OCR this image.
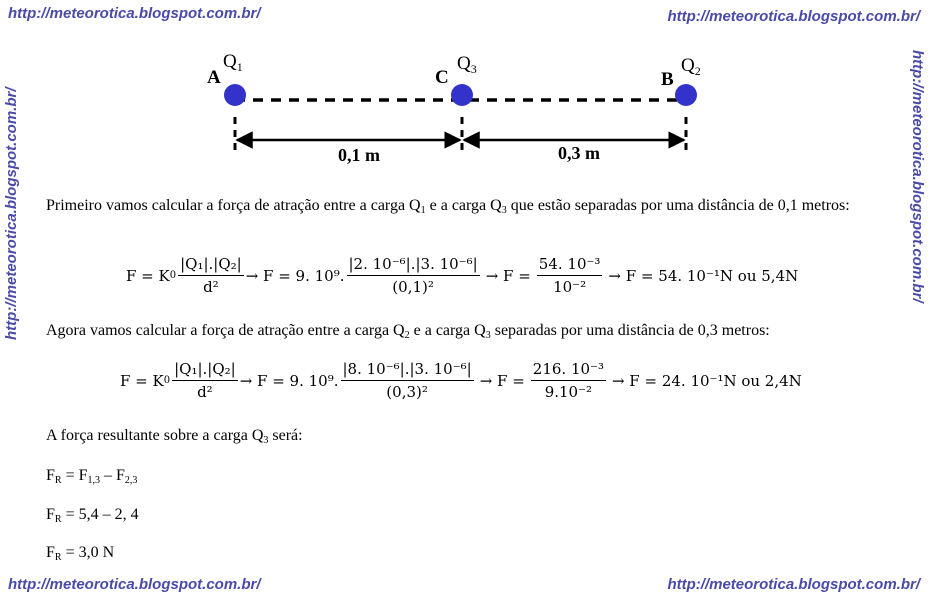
http://meteorotica.blogspot.com.br/	http://meteorotica.blogspot.com.br/
http://meteorotica.blogspot.com.br/	http://meteorotica.blogspot.com.br/
http://meteorotica.blogspot.com.br/	http://meteorotica.blogspot.com.br/
A	C	B
$Q_1$	$Q_3$	$Q_2$
0,1 m	0,3 m
Primeiro vamos calcular a força de atração entre a carga $Q_1$ e a carga $Q_3$ que estão separadas por uma distância de 0,1 metros:
F = K $0 \frac{\text{|Q₁|.|Q₂|}}{\text{d²}} \to F = 9$. 10⁹. $\frac{\text{|2. 10⁻⁶|.|3. 10⁻⁶|}}{\text{(0,1)²}} \to F = \frac{\text{54. 10⁻³}}{\text{10⁻²}} \to F = 54$. 10⁻¹N ou 5,4N
Agora vamos calcular a força de atração entre a carga $Q_2$ e a carga $Q_3$ separadas por uma distância de 0,3 metros:
F = K $0 \frac{\text{|Q₁|.|Q₂|}}{\text{d²}} \to F = 9$. 10⁹. $\frac{\text{|8. 10⁻⁶|.|3. 10⁻⁶|}}{\text{(0,3)²}} \to F = \frac{\text{216. 10⁻³}}{\text{9.10⁻²}} \to F = 24$. 10⁻¹N ou 2,4N
A força resultante sobre a carga $Q_3$ será:
$F_R = F_{1,3} - F_{2,3}$
$F_R = 5,4 - 2$, 4
$F_R = 3,0$ N
